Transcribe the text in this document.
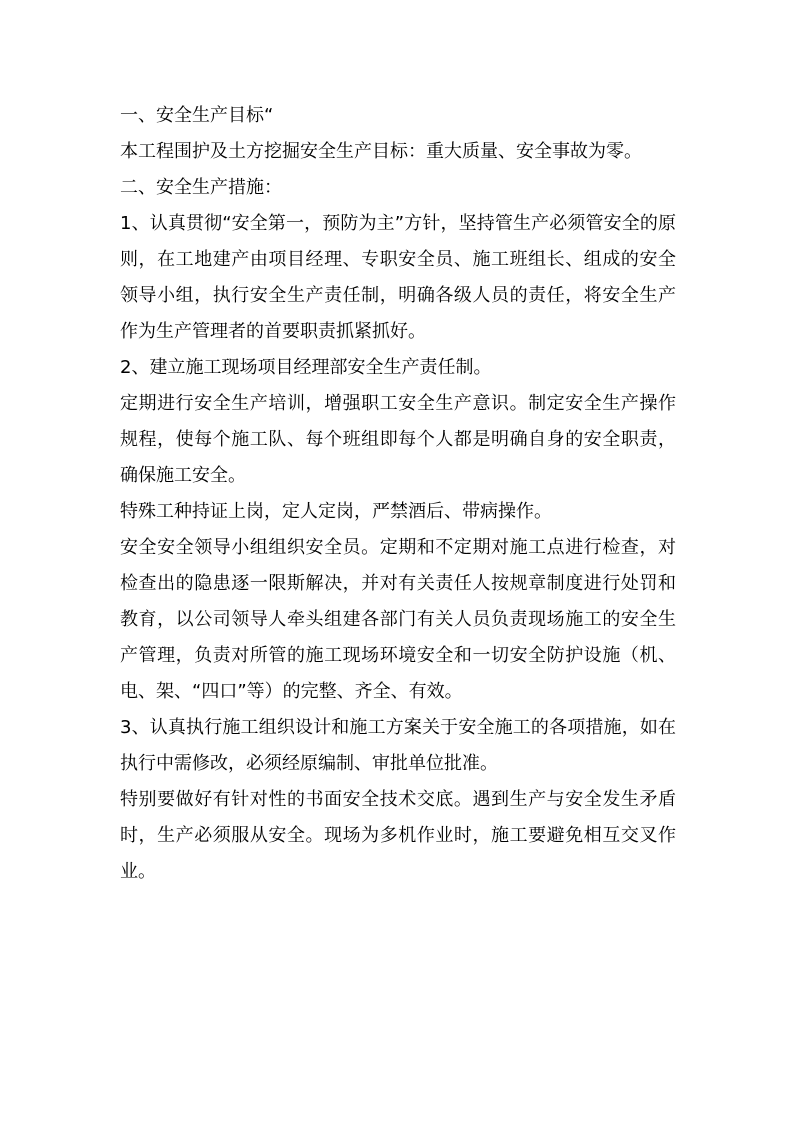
一、安全生产目标“

本工程围护及土方挖掘安全生产目标：重大质量、安全事故为零。

二、安全生产措施：

1、认真贯彻“安全第一，预防为主”方针，坚持管生产必须管安全的原则，在工地建产由项目经理、专职安全员、施工班组长、组成的安全领导小组，执行安全生产责任制，明确各级人员的责任，将安全生产作为生产管理者的首要职责抓紧抓好。

2、建立施工现场项目经理部安全生产责任制。

定期进行安全生产培训，增强职工安全生产意识。制定安全生产操作规程，使每个施工队、每个班组即每个人都是明确自身的安全职责，确保施工安全。

特殊工种持证上岗，定人定岗，严禁酒后、带病操作。

安全安全领导小组组织安全员。定期和不定期对施工点进行检查，对检查出的隐患逐一限斯解决，并对有关责任人按规章制度进行处罚和教育，以公司领导人牵头组建各部门有关人员负责现场施工的安全生产管理，负责对所管的施工现场环境安全和一切安全防护设施（机、电、架、“四口”等）的完整、齐全、有效。

3、认真执行施工组织设计和施工方案关于安全施工的各项措施，如在执行中需修改，必须经原编制、审批单位批准。

特别要做好有针对性的书面安全技术交底。遇到生产与安全发生矛盾时，生产必须服从安全。现场为多机作业时，施工要避免相互交叉作业。
